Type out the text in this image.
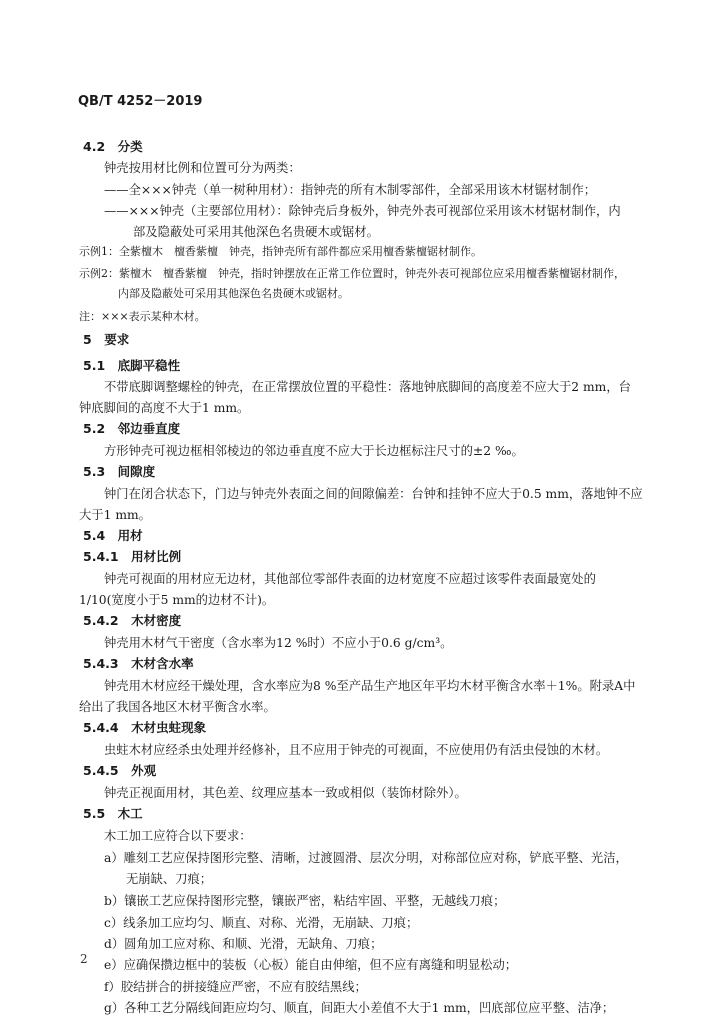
QB/T 4252－2019
4.2　分类
钟壳按用材比例和位置可分为两类：
——全×××钟壳（单一树种用材）：指钟壳的所有木制零部件，全部采用该木材锯材制作；
——×××钟壳（主要部位用材）：除钟壳后身板外，钟壳外表可视部位采用该木材锯材制作，内
部及隐蔽处可采用其他深色名贵硬木或锯材。
示例1：全紫檀木　檀香紫檀　钟壳，指钟壳所有部件都应采用檀香紫檀锯材制作。
示例2：紫檀木　檀香紫檀　钟壳，指时钟摆放在正常工作位置时，钟壳外表可视部位应采用檀香紫檀锯材制作，
内部及隐蔽处可采用其他深色名贵硬木或锯材。
注：×××表示某种木材。
5　要求
5.1　底脚平稳性
不带底脚调整螺栓的钟壳，在正常摆放位置的平稳性：落地钟底脚间的高度差不应大于2 mm，台
钟底脚间的高度不大于1 mm。
5.2　邻边垂直度
方形钟壳可视边框相邻棱边的邻边垂直度不应大于长边框标注尺寸的±2 ‰。
5.3　间隙度
钟门在闭合状态下，门边与钟壳外表面之间的间隙偏差：台钟和挂钟不应大于0.5 mm，落地钟不应
大于1 mm。
5.4　用材
5.4.1　用材比例
钟壳可视面的用材应无边材，其他部位零部件表面的边材宽度不应超过该零件表面最宽处的
1/10(宽度小于5 mm的边材不计)。
5.4.2　木材密度
钟壳用木材气干密度（含水率为12 %时）不应小于0.6 g/cm³。
5.4.3　木材含水率
钟壳用木材应经干燥处理，含水率应为8 %至产品生产地区年平均木材平衡含水率＋1%。附录A中
给出了我国各地区木材平衡含水率。
5.4.4　木材虫蛀现象
虫蛀木材应经杀虫处理并经修补，且不应用于钟壳的可视面，不应使用仍有活虫侵蚀的木材。
5.4.5　外观
钟壳正视面用材，其色差、纹理应基本一致或相似（装饰材除外）。
5.5　木工
木工加工应符合以下要求：
a）雕刻工艺应保持图形完整、清晰，过渡圆滑、层次分明，对称部位应对称，铲底平整、光洁，
无崩缺、刀痕；
b）镶嵌工艺应保持图形完整，镶嵌严密，粘结牢固、平整，无越线刀痕；
c）线条加工应均匀、顺直、对称、光滑，无崩缺、刀痕；
d）圆角加工应对称、和顺、光滑，无缺角、刀痕；
e）应确保攒边框中的装板（心板）能自由伸缩，但不应有离缝和明显松动；
f）胶结拼合的拼接缝应严密，不应有胶结黑线；
g）各种工艺分隔线间距应均匀、顺直，间距大小差值不大于1 mm，凹底部位应平整、洁净；
2
